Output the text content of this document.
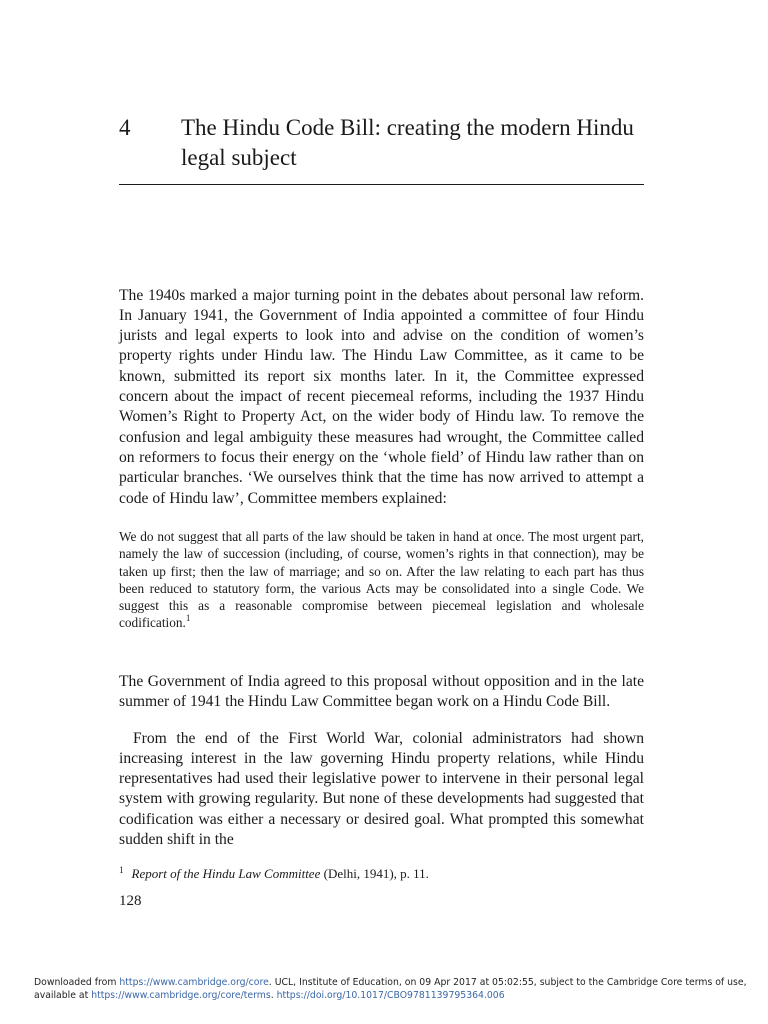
4 The Hindu Code Bill: creating the modern Hindu legal subject

The 1940s marked a major turning point in the debates about personal law reform. In January 1941, the Government of India appointed a committee of four Hindu jurists and legal experts to look into and advise on the condition of women’s property rights under Hindu law. The Hindu Law Committee, as it came to be known, submitted its report six months later. In it, the Committee expressed concern about the impact of recent piecemeal reforms, including the 1937 Hindu Women’s Right to Property Act, on the wider body of Hindu law. To remove the confusion and legal ambiguity these measures had wrought, the Committee called on reformers to focus their energy on the ‘whole field’ of Hindu law rather than on particular branches. ‘We ourselves think that the time has now arrived to attempt a code of Hindu law’, Committee members explained:

We do not suggest that all parts of the law should be taken in hand at once. The most urgent part, namely the law of succession (including, of course, women’s rights in that connection), may be taken up first; then the law of marriage; and so on. After the law relating to each part has thus been reduced to statutory form, the various Acts may be consolidated into a single Code. We suggest this as a reasonable compromise between piecemeal legislation and wholesale codification.$^1$

The Government of India agreed to this proposal without opposition and in the late summer of 1941 the Hindu Law Committee began work on a Hindu Code Bill.

From the end of the First World War, colonial administrators had shown increasing interest in the law governing Hindu property relations, while Hindu representatives had used their legislative power to intervene in their personal legal system with growing regularity. But none of these developments had suggested that codification was either a necessary or desired goal. What prompted this somewhat sudden shift in the

$^1$ Report of the Hindu Law Committee (Delhi, 1941), p. 11.
128
Downloaded from https://www.cambridge.org/core. UCL, Institute of Education, on 09 Apr 2017 at 05:02:55, subject to the Cambridge Core terms of use, available at https://www.cambridge.org/core/terms. https://doi.org/10.1017/CBO9781139795364.006
